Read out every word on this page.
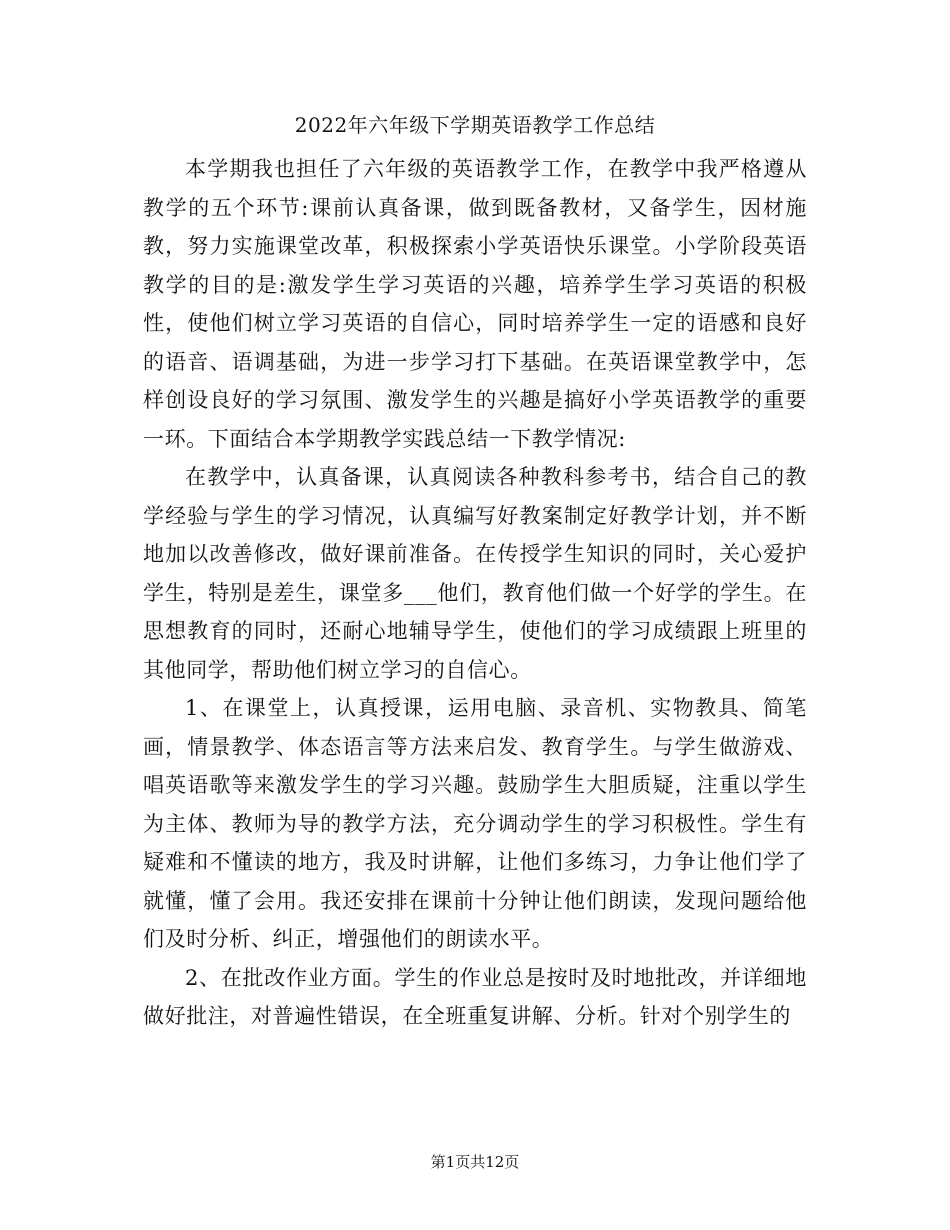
2022年六年级下学期英语教学工作总结

本学期我也担任了六年级的英语教学工作，在教学中我严格遵从教学的五个环节:课前认真备课，做到既备教材，又备学生，因材施教，努力实施课堂改革，积极探索小学英语快乐课堂。小学阶段英语教学的目的是:激发学生学习英语的兴趣，培养学生学习英语的积极性，使他们树立学习英语的自信心，同时培养学生一定的语感和良好的语音、语调基础，为进一步学习打下基础。在英语课堂教学中，怎样创设良好的学习氛围、激发学生的兴趣是搞好小学英语教学的重要一环。下面结合本学期教学实践总结一下教学情况:

在教学中，认真备课，认真阅读各种教科参考书，结合自己的教学经验与学生的学习情况，认真编写好教案制定好教学计划，并不断地加以改善修改，做好课前准备。在传授学生知识的同时，关心爱护学生，特别是差生，课堂多___他们，教育他们做一个好学的学生。在思想教育的同时，还耐心地辅导学生，使他们的学习成绩跟上班里的其他同学，帮助他们树立学习的自信心。

1、在课堂上，认真授课，运用电脑、录音机、实物教具、简笔画，情景教学、体态语言等方法来启发、教育学生。与学生做游戏、唱英语歌等来激发学生的学习兴趣。鼓励学生大胆质疑，注重以学生为主体、教师为导的教学方法，充分调动学生的学习积极性。学生有疑难和不懂读的地方，我及时讲解，让他们多练习，力争让他们学了就懂，懂了会用。我还安排在课前十分钟让他们朗读，发现问题给他们及时分析、纠正，增强他们的朗读水平。

2、在批改作业方面。学生的作业总是按时及时地批改，并详细地做好批注，对普遍性错误，在全班重复讲解、分析。针对个别学生的

第1页共12页
